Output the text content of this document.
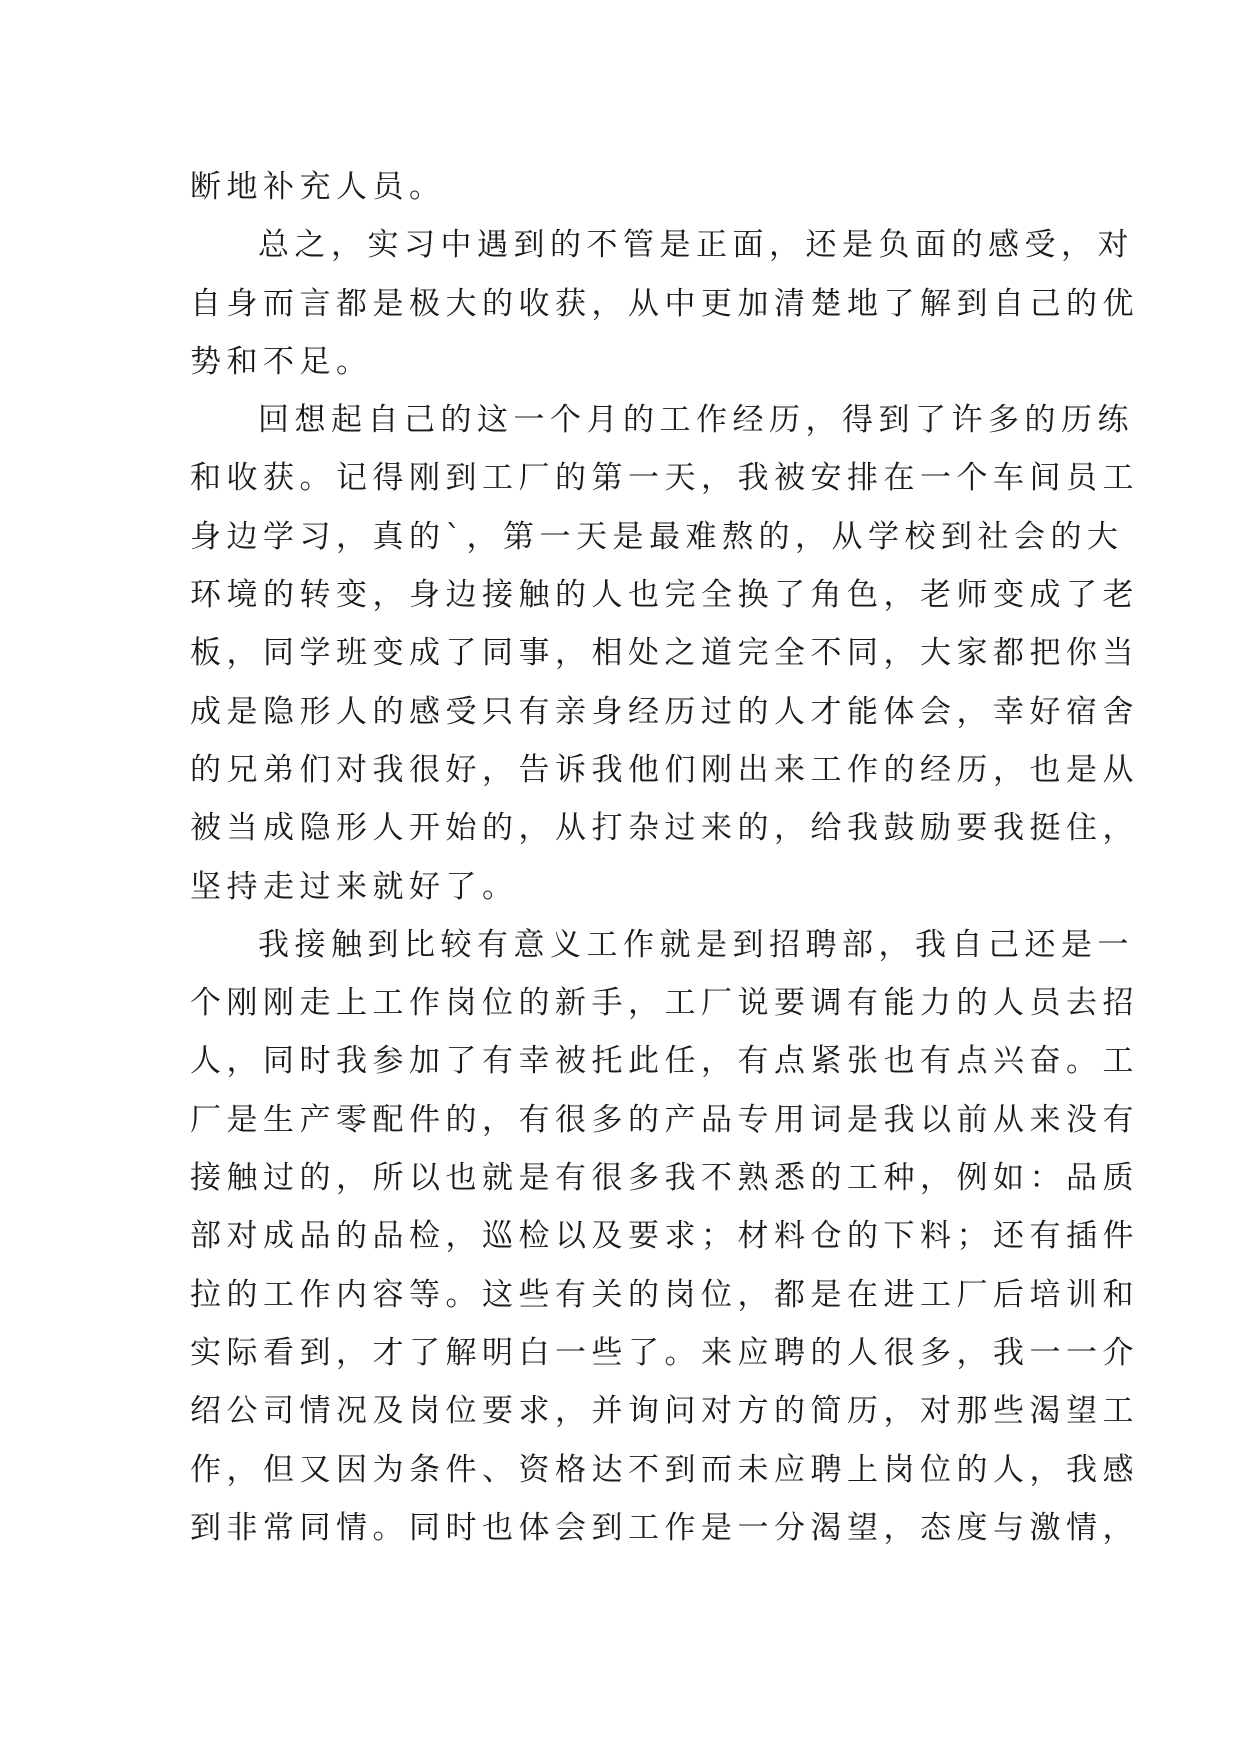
断地补充人员。
总之，实习中遇到的不管是正面，还是负面的感受，对
自身而言都是极大的收获，从中更加清楚地了解到自己的优
势和不足。
回想起自己的这一个月的工作经历，得到了许多的历练
和收获。记得刚到工厂的第一天，我被安排在一个车间员工
身边学习，真的`，第一天是最难熬的，从学校到社会的大
环境的转变，身边接触的人也完全换了角色，老师变成了老
板，同学班变成了同事，相处之道完全不同，大家都把你当
成是隐形人的感受只有亲身经历过的人才能体会，幸好宿舍
的兄弟们对我很好，告诉我他们刚出来工作的经历，也是从
被当成隐形人开始的，从打杂过来的，给我鼓励要我挺住，
坚持走过来就好了。
我接触到比较有意义工作就是到招聘部，我自己还是一
个刚刚走上工作岗位的新手，工厂说要调有能力的人员去招
人，同时我参加了有幸被托此任，有点紧张也有点兴奋。工
厂是生产零配件的，有很多的产品专用词是我以前从来没有
接触过的，所以也就是有很多我不熟悉的工种，例如：品质
部对成品的品检，巡检以及要求；材料仓的下料；还有插件
拉的工作内容等。这些有关的岗位，都是在进工厂后培训和
实际看到，才了解明白一些了。来应聘的人很多，我一一介
绍公司情况及岗位要求，并询问对方的简历，对那些渴望工
作，但又因为条件、资格达不到而未应聘上岗位的人，我感
到非常同情。同时也体会到工作是一分渴望，态度与激情，
